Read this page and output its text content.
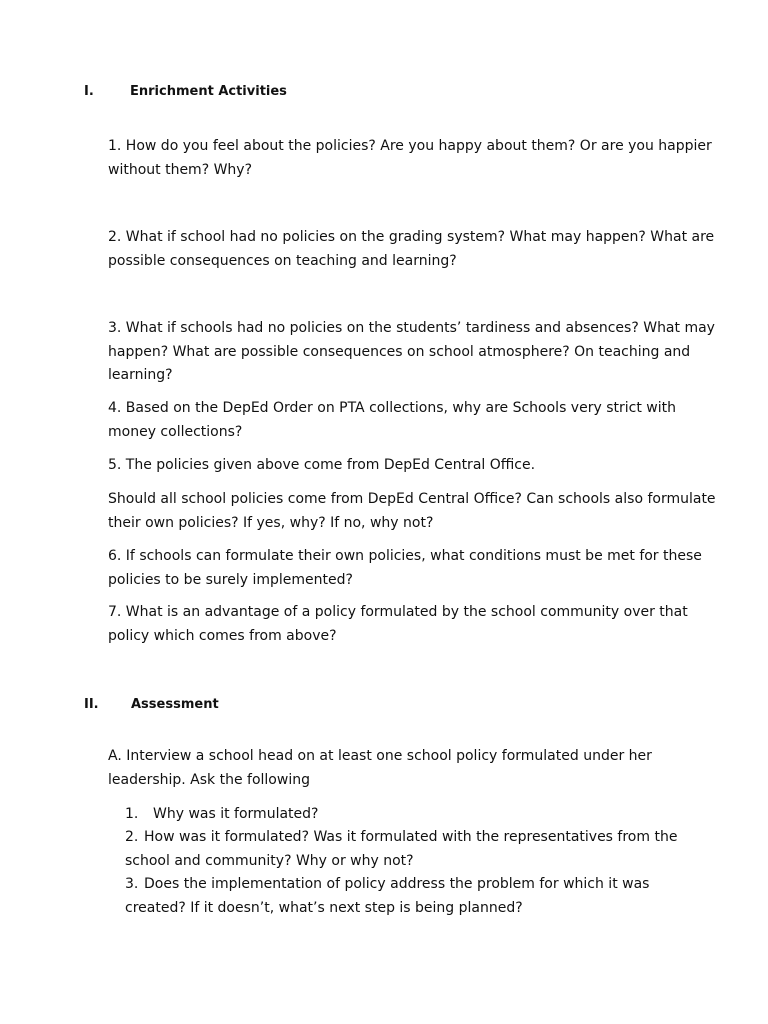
I.	Enrichment Activities

1. How do you feel about the policies? Are you happy about them? Or are you happier without them? Why?

2. What if school had no policies on the grading system? What may happen? What are possible consequences on teaching and learning?

3. What if schools had no policies on the students’ tardiness and absences? What may happen? What are possible consequences on school atmosphere? On teaching and learning?

4. Based on the DepEd Order on PTA collections, why are Schools very strict with money collections?

5. The policies given above come from DepEd Central Office.

Should all school policies come from DepEd Central Office? Can schools also formulate their own policies? If yes, why? If no, why not?

6. If schools can formulate their own policies, what conditions must be met for these policies to be surely implemented?

7. What is an advantage of a policy formulated by the school community over that policy which comes from above?

II. Assessment

A. Interview a school head on at least one school policy formulated under her leadership. Ask the following

1.	Why was it formulated?
2. How was it formulated? Was it formulated with the representatives from the school and community? Why or why not?
3. Does the implementation of policy address the problem for which it was created? If it doesn’t, what’s next step is being planned?
